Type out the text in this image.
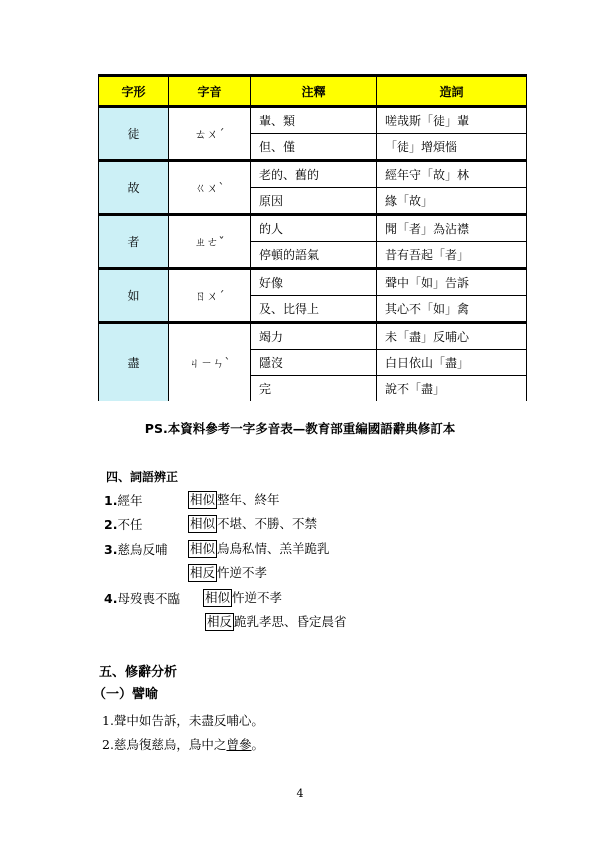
字形	字音	注釋	造詞
徒	ㄊㄨˊ	輩、類	嗟哉斯「徒」輩
		但、僅	「徒」增煩惱
故	ㄍㄨˋ	老的、舊的	經年守「故」林
		原因	緣「故」
者	ㄓㄜˇ	的人	聞「者」為沾襟
		停頓的語氣	昔有吾起「者」
如	ㄖㄨˊ	好像	聲中「如」告訴
		及、比得上	其心不「如」禽
盡	ㄐㄧㄣˋ	竭力	未「盡」反哺心
		隱沒	白日依山「盡」
		完	說不「盡」
PS.本資料參考一字多音表—教育部重編國語辭典修訂本
四、詞語辨正
1.經年	相似 整年、終年
2.不任	相似 不堪、不勝、不禁
3.慈烏反哺 相似 烏鳥私情、羔羊跪乳
相反 忤逆不孝
4.母歿喪不臨 相似 忤逆不孝
相反 跪乳孝思、昏定晨省
五、修辭分析
（一）譬喻
1.聲中如告訴，未盡反哺心。
2.慈烏復慈烏，鳥中之曾參。
4
